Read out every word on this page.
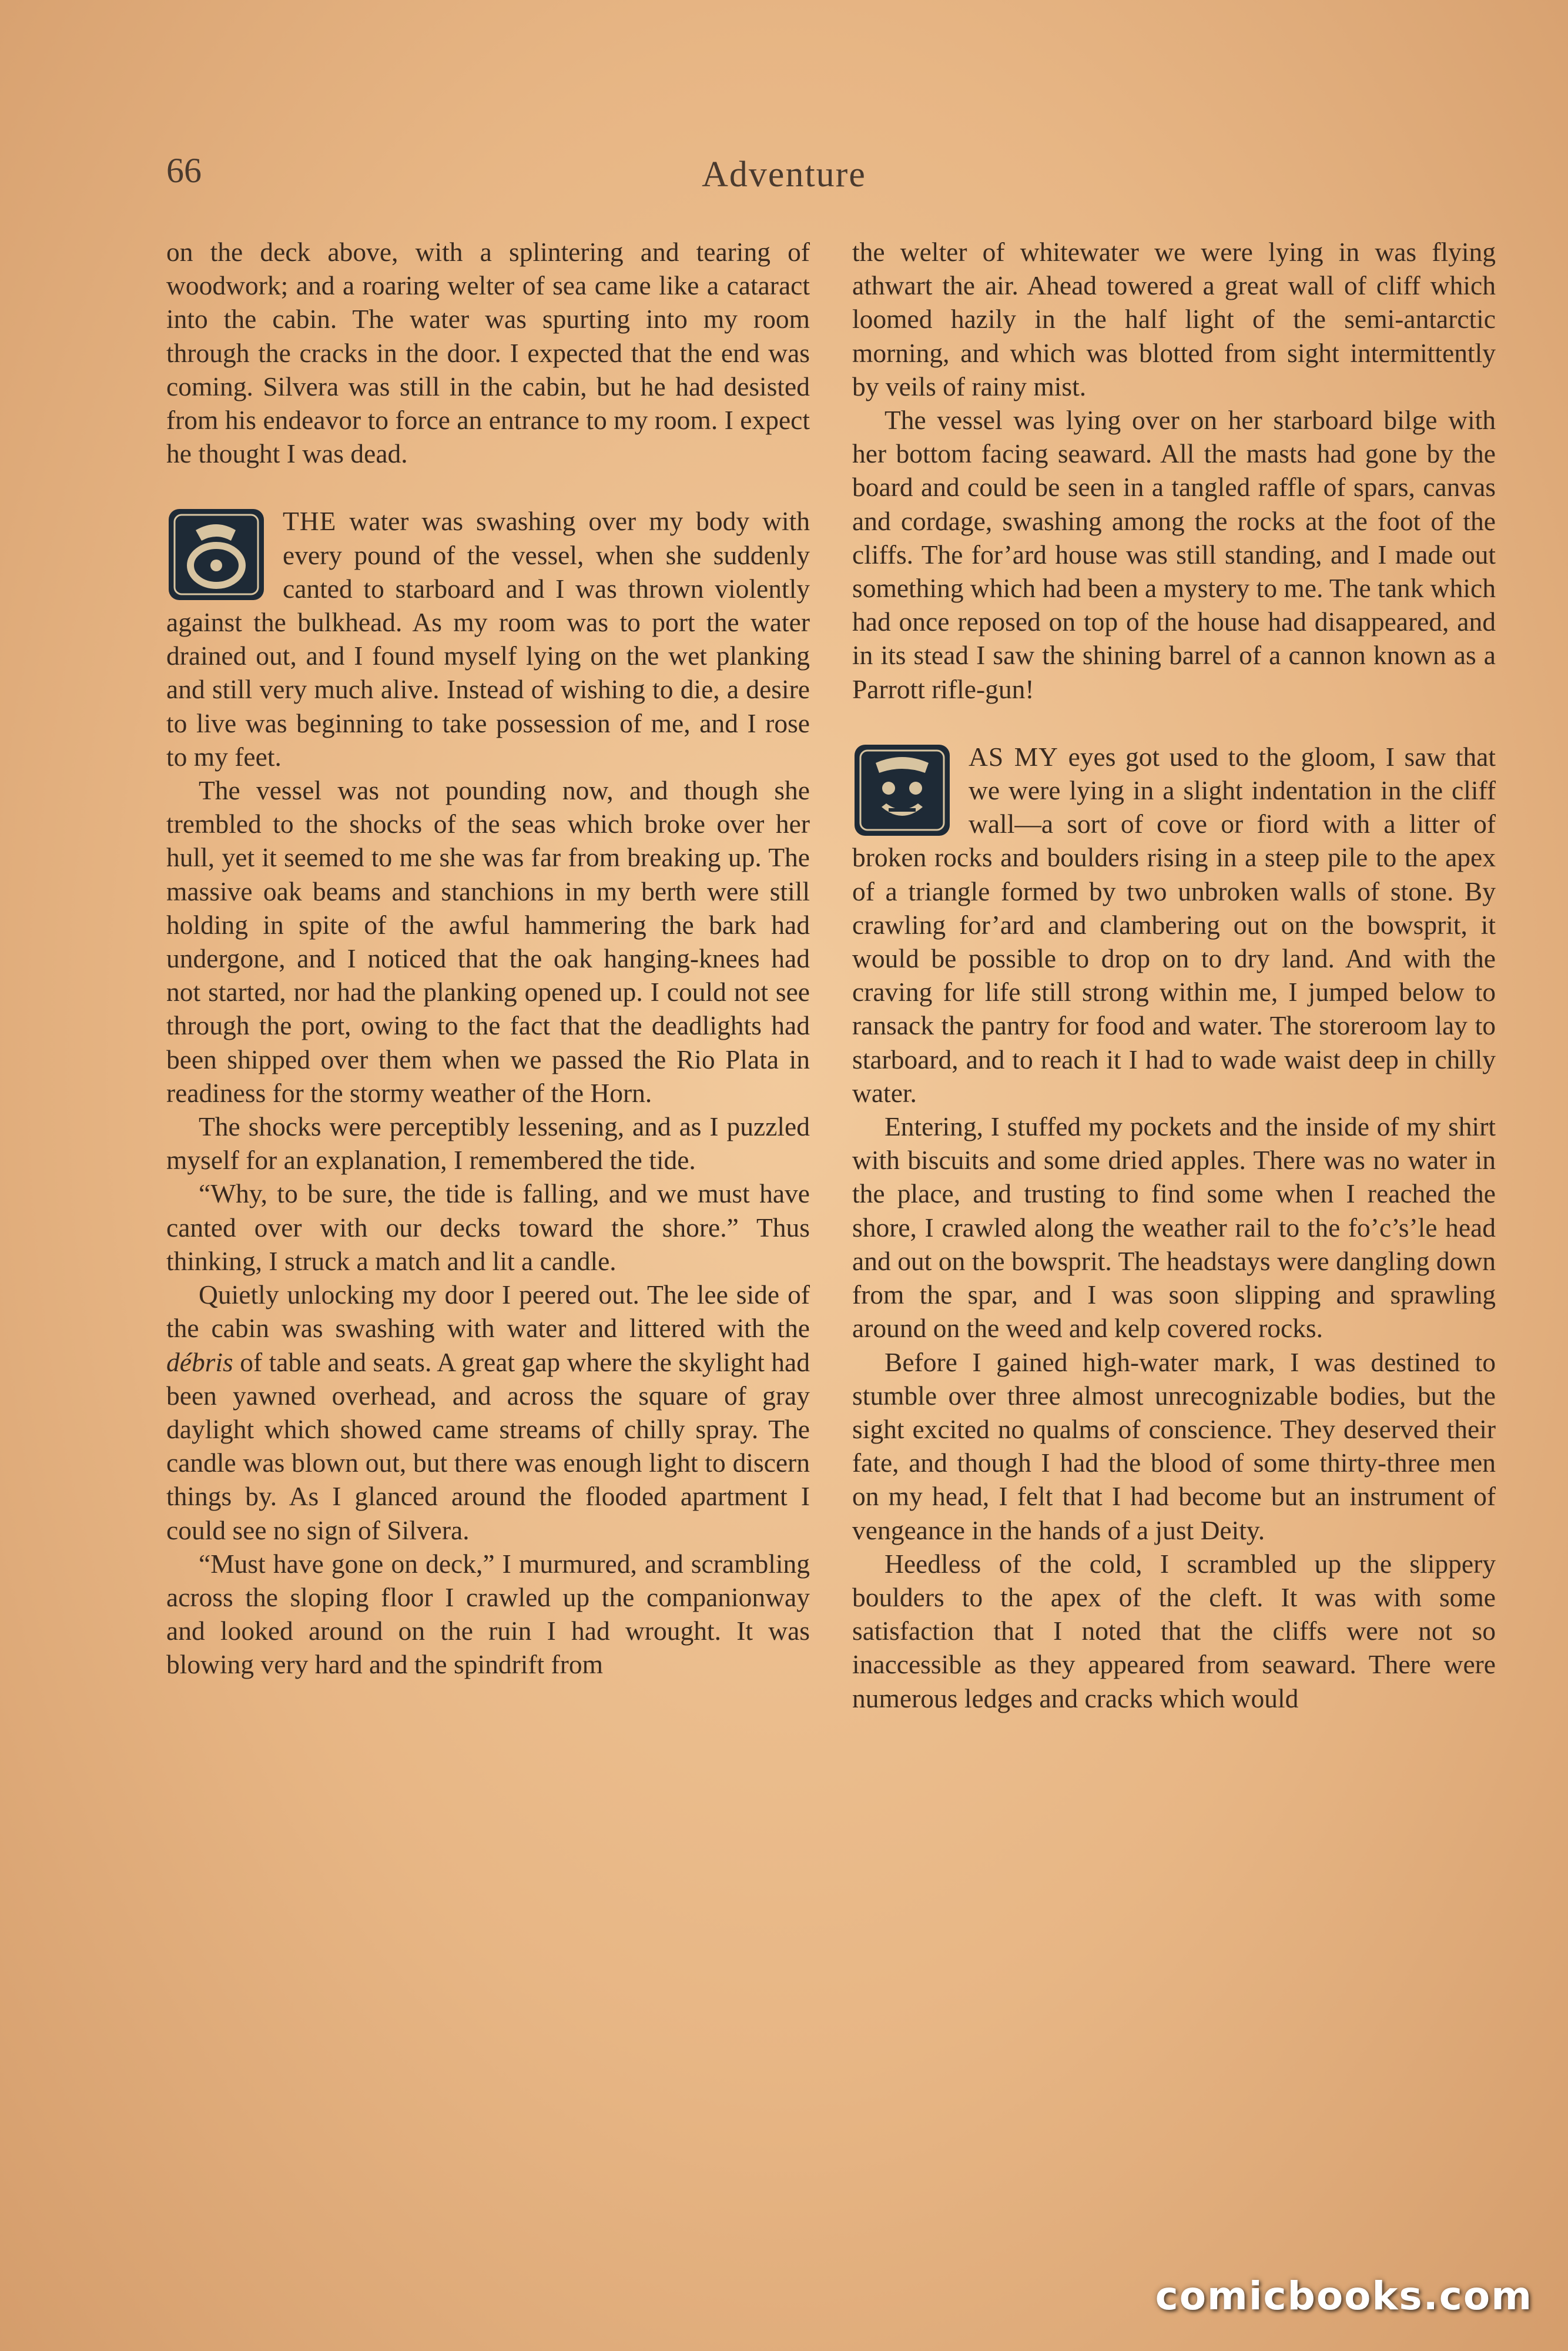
66	Adventure

on the deck above, with a splintering and tearing of woodwork; and a roaring welter of sea came like a cataract into the cabin. The water was spurting into my room through the cracks in the door. I expected that the end was coming. Silvera was still in the cabin, but he had desisted from his endeavor to force an entrance to my room. I expect he thought I was dead.

THE water was swashing over my body with every pound of the vessel, when she suddenly canted to starboard and I was thrown violently against the bulkhead. As my room was to port the water drained out, and I found myself lying on the wet planking and still very much alive. Instead of wishing to die, a desire to live was beginning to take possession of me, and I rose to my feet.

The vessel was not pounding now, and though she trembled to the shocks of the seas which broke over her hull, yet it seemed to me she was far from breaking up. The massive oak beams and stanchions in my berth were still holding in spite of the awful hammering the bark had undergone, and I noticed that the oak hanging-knees had not started, nor had the planking opened up. I could not see through the port, owing to the fact that the deadlights had been shipped over them when we passed the Rio Plata in readiness for the stormy weather of the Horn.

The shocks were perceptibly lessening, and as I puzzled myself for an explanation, I remembered the tide.

“Why, to be sure, the tide is falling, and we must have canted over with our decks toward the shore.” Thus thinking, I struck a match and lit a candle.

Quietly unlocking my door I peered out. The lee side of the cabin was swashing with water and littered with the débris of table and seats. A great gap where the skylight had been yawned overhead, and across the square of gray daylight which showed came streams of chilly spray. The candle was blown out, but there was enough light to discern things by. As I glanced around the flooded apartment I could see no sign of Silvera.

“Must have gone on deck,” I murmured, and scrambling across the sloping floor I crawled up the companionway and looked around on the ruin I had wrought. It was blowing very hard and the spindrift from

the welter of whitewater we were lying in was flying athwart the air. Ahead towered a great wall of cliff which loomed hazily in the half light of the semi-antarctic morning, and which was blotted from sight intermittently by veils of rainy mist.

The vessel was lying over on her starboard bilge with her bottom facing seaward. All the masts had gone by the board and could be seen in a tangled raffle of spars, canvas and cordage, swashing among the rocks at the foot of the cliffs. The for’ard house was still standing, and I made out something which had been a mystery to me. The tank which had once reposed on top of the house had disappeared, and in its stead I saw the shining barrel of a cannon known as a Parrott rifle-gun!

AS MY eyes got used to the gloom, I saw that we were lying in a slight indentation in the cliff wall—a sort of cove or fiord with a litter of broken rocks and boulders rising in a steep pile to the apex of a triangle formed by two unbroken walls of stone. By crawling for’ard and clambering out on the bowsprit, it would be possible to drop on to dry land. And with the craving for life still strong within me, I jumped below to ransack the pantry for food and water. The storeroom lay to starboard, and to reach it I had to wade waist deep in chilly water.

Entering, I stuffed my pockets and the inside of my shirt with biscuits and some dried apples. There was no water in the place, and trusting to find some when I reached the shore, I crawled along the weather rail to the fo’c’s’le head and out on the bowsprit. The headstays were dangling down from the spar, and I was soon slipping and sprawling around on the weed and kelp covered rocks.

Before I gained high-water mark, I was destined to stumble over three almost unrecognizable bodies, but the sight excited no qualms of conscience. They deserved their fate, and though I had the blood of some thirty-three men on my head, I felt that I had become but an instrument of vengeance in the hands of a just Deity.

Heedless of the cold, I scrambled up the slippery boulders to the apex of the cleft. It was with some satisfaction that I noted that the cliffs were not so inaccessible as they appeared from seaward. There were numerous ledges and cracks which would

comicbooks.com
